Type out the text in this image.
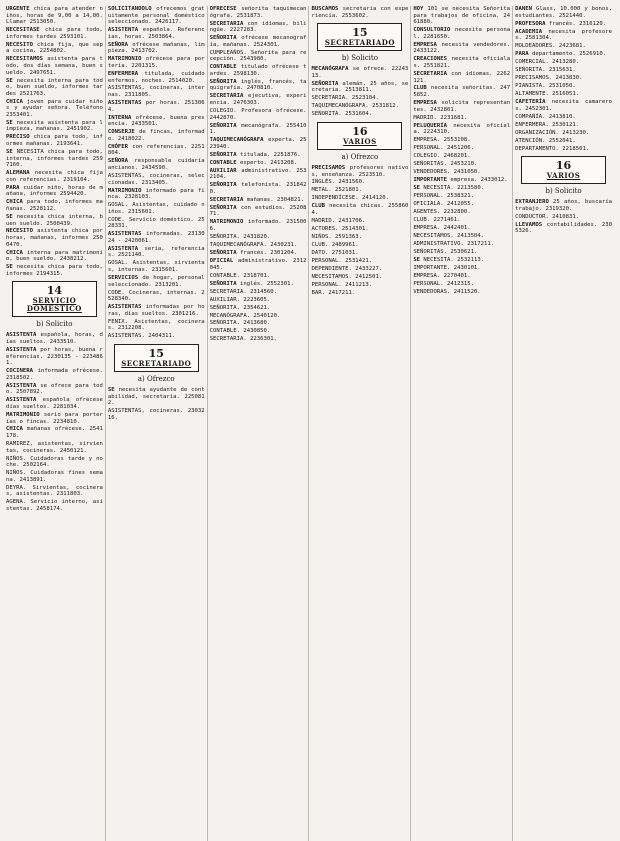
URGENTE chica para atender niños, horas de 9,00 a 14,00. Llamar 2513050.
NECESITASE chica para todo, informes tardes 2593101.
NECESITO chica fija, que sepa cocina. 2254802.
NECESITAMOS asistenta para todo, dos días semana, buen sueldo. 2497651.
SE necesita interna para todo, buen sueldo, informes tardes 2521763.
CHICA joven para cuidar niños y ayudar señora. Teléfono 2353401.
SE necesita asistenta para limpieza, mañanas. 2451902.
PRECISO chica para todo, informes mañanas. 2193641.
SE NECESITA chica para todo, interna, informes tardes 2597160.
ALEMANA necesita chica fija con referencias. 2319104.
PARA cuidar niño, horas de mañana, informes 2594420.
CHICA para todo, informes mañanas. 2528112.
SE necesita chica interna, buen sueldo. 2500439.
NECESITO asistenta chica por horas, mañanas, informes 2500470.
CHICA interna para matrimonio, buen sueldo. 2438212.
SE necesita chica para todo, informes 2194315.
14
SERVICIO DOMÉSTICO
b) Solicito
ASISTENTA española, horas, días sueltos. 2433510.
ASISTENTA por horas, buena referencias. 2230135 - 2234861.
COCINERA informada ofrécese. 2318502.
ASISTENTA se ofrece para todo. 2507892.
ASISTENTA española ofrécese días sueltos. 2281034.
MATRIMONIO serio para porterías o fincas. 2234810.
CHICA mañanas ofrécese. 2541178.
RAMIREZ, asistentas, sirvientas, cocineras. 2450121.
NIÑOS. Cuidadoras tarde y noche. 2502164.
NIÑOS. Cuidadoras fines semana. 2413891.
DEYRA. Sirvientas, cocineras, asistentas. 2311803.
AGENA. Servicio interno, asistentas. 2458174.
SOLICITÁNDOLO ofrecemos gratuitamente personal doméstico seleccionado. 2426117.
ASISTENTA española. Referencias, horas. 2503864.
SEÑORA ofrécese mañanas, limpieza. 2413702.
MATRIMONIO ofrécese para portería. 2201315.
ENFERMERA titulada, cuidado enfermos, noches. 2514020.
ASISTENTAS, cocineras, internas. 2311805.
ASISTENTAS por horas. 2513064.
INTERNA ofrécese, buena presencia. 2433501.
CONSERJE de fincas, informado. 2418022.
CHÓFER con referencias. 2251804.
SEÑORA responsable cuidaría ancianos. 2434590.
ASISTENTAS, cocineras, seleccionadas. 2313405.
MATRIMONIO informado para finca. 2328103.
GOSAL. Asistentas, cuidado niños. 2315601.
CODE. Servicio doméstico. 2528331.
ASISTENTAS informadas. 2313024 - 2420061.
ASISTENTA seria, referencias. 2521140.
GOSAL. Asistentas, sirvientas, internas. 2315601.
SERVICIOS de hogar, personal seleccionado. 2313201.
CODE. Cocineras, internas. 2528340.
ASISTENTAS informadas por horas, días sueltos. 2301216.
FENIX. Asistentas, cocineras. 2312208.
ASISTENTAS. 2404311.
15
SECRETARIADO
a) Ofrezco
SE necesita ayudante de contabilidad, secretaria. 2250812.
ASISTENTAS, cocineras. 2303216.
OFRÉCESE señorita taquimecanógrafa. 2531873.
SECRETARIA con idiomas, bilingüe. 2227283.
SEÑORITA ofrécese mecanografía, mañanas. 2524301.
CUMPLEAÑOS. Señorita para recepción. 2543980.
CONTABLE titulado ofrécese tardes. 2598130.
SEÑORITA inglés, francés, taquigrafía. 2470810.
SECRETARIA ejecutiva, experiencia. 2476303.
COLEGIO. Profesora ofrécese. 2442870.
SEÑORITA mecanógrafa. 2554101.
TAQUIMECANÓGRAFA experta. 2523940.
SEÑORITA titulada. 2251876.
CONTABLE experto. 2413208.
AUXILIAR administrativo. 2532104.
SEÑORITA telefonista. 2318420.
SECRETARIA mañanas. 2304821.
SEÑORITA con estudios. 2520871.
MATRIMONIO informado. 2315006.
SEÑORITA. 2431820.
TAQUIMECANÓGRAFA. 2430231.
SEÑORITA francés. 2301204.
OFICIAL administrativo. 2312045.
CONTABLE. 2318701.
SEÑORITA inglés. 2552301.
SECRETARIA. 2314560.
AUXILIAR. 2223605.
SEÑORITA. 2354621.
MECANÓGRAFA. 2540120.
SEÑORITA. 2413680.
CONTABLE. 2430850.
SECRETARIA. 2236301.
BUSCAMOS secretaria con experiencia. 2553602.
15
SECRETARIADO
b) Solicito
MECANÓGRAFA se ofrece. 2224313.
SEÑORITA alemán, 25 años, secretaria. 2513811.
SECRETARIA. 2523104.
TAQUIMECANÓGRAFA. 2531812.
SEÑORITA. 2531604.
16
VARIOS
a) Ofrezco
PRECISAMOS profesores nativos, enseñanza. 2523510.
INGLÉS. 2431560.
METAL. 2521801.
INDEPENDÍCESE. 2414120.
CLUB necesita chicas. 2558604.
MADRID. 2431706.
ACTORES. 2514301.
NIÑOS. 2591363.
CLUB. 2489961.
DATO. 2751031.
PERSONAL. 2531421.
DEPENDIENTE. 2433227.
NECESITAMOS. 2412501.
PERSONAL. 2411213.
BAR. 2417211.
HOY 101 se necesita Señorita para trabajos de oficina. 2461880.
CONSULTORIO necesita personal. 2281650.
EMPRESA necesita vendedores. 2433122.
CREACIONES necesita oficialas. 2551821.
SECRETARIA con idiomas. 2262121.
CLUB necesita señoritas. 2475852.
EMPRESA solicita representantes. 2432801.
MADRID. 2231681.
PELUQUERÍA necesita oficiala. 2224310.
EMPRESA. 2553108.
PERSONAL. 2451206.
COLEGIO. 2468201.
SEÑORITAS. 2453210.
VENDEDORES. 2431050.
IMPORTANTE empresa. 2433012.
SE NECESITA. 2213580.
PERSONAL. 2538321.
OFICIALA. 2412055.
AGENTES. 2232800.
CLUB. 2271461.
EMPRESA. 2442401.
NECESITAMOS. 2413504.
ADMINISTRATIVO. 2317211.
SEÑORITAS. 2530621.
SE NECESITA. 2532113.
IMPORTANTE. 2430101.
EMPRESA. 2270401.
PERSONAL. 2412315.
VENDEDORAS. 2411520.
DANEN Glass, 10.000 y bonos, estudiantes. 2521440.
PROFESORA francés. 2316120.
ACADEMIA necesita profesores. 2581304.
MOLDEADORES. 2423681.
PARA departamento. 2526910.
COMERCIAL. 2413280.
SEÑORITA. 2315631.
PRECISAMOS. 2413830.
PIANISTA. 2531050.
ALTAMENTE. 2516051.
CAFETERÍA necesita camareros. 2452301.
COMPAÑÍA. 2413810.
ENFERMERA. 2530121.
ORGANIZACIÓN. 2413230.
ATENCIÓN. 2552041.
DEPARTAMENTO. 2218501.
16
VARIOS
b) Solicito
EXTRANJERO 25 años, buscaría trabajo. 2319320.
CONDUCTOR. 2410831.
LLEVAMOS contabilidades. 2305326.
